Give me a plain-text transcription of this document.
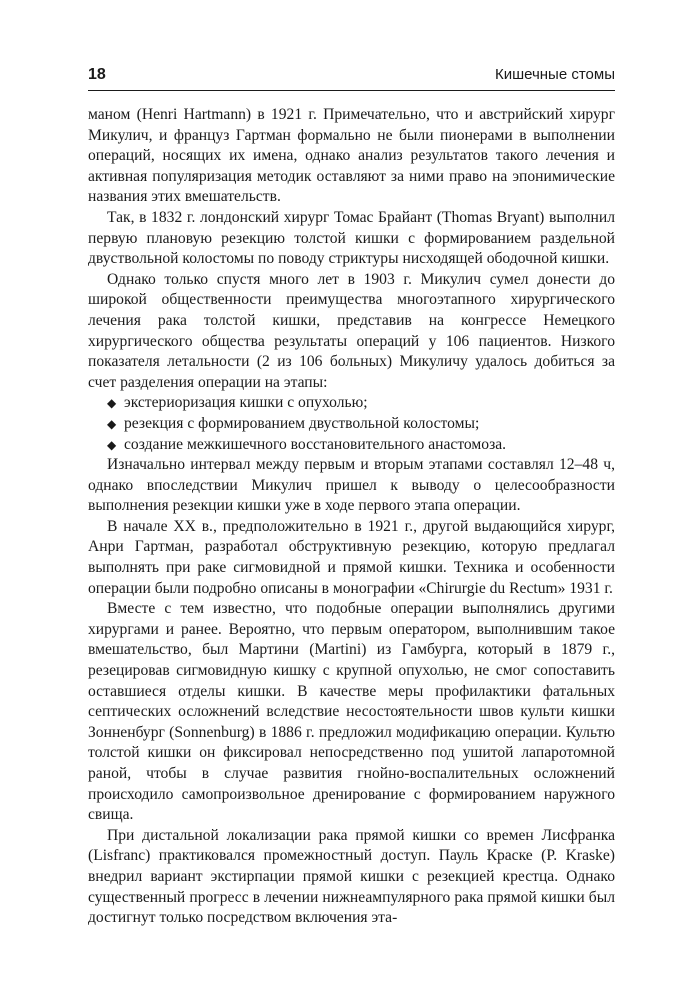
18	Кишечные стомы

маном (Henri Hartmann) в 1921 г. Примечательно, что и австрийский хирург Микулич, и француз Гартман формально не были пионерами в выполнении операций, носящих их имена, однако анализ результатов такого лечения и активная популяризация методик оставляют за ними право на эпонимические названия этих вмешательств.

Так, в 1832 г. лондонский хирург Томас Брайант (Thomas Bryant) выполнил первую плановую резекцию толстой кишки с формированием раздельной двуствольной колостомы по поводу стриктуры нисходящей ободочной кишки.

Однако только спустя много лет в 1903 г. Микулич сумел донести до широкой общественности преимущества многоэтапного хирургического лечения рака толстой кишки, представив на конгрессе Немецкого хирургического общества результаты операций у 106 пациентов. Низкого показателя летальности (2 из 106 больных) Микуличу удалось добиться за счет разделения операции на этапы:

◆ экстериоризация кишки с опухолью;
◆ резекция с формированием двуствольной колостомы;
◆ создание межкишечного восстановительного анастомоза.

Изначально интервал между первым и вторым этапами составлял 12–48 ч, однако впоследствии Микулич пришел к выводу о целесообразности выполнения резекции кишки уже в ходе первого этапа операции.

В начале XX в., предположительно в 1921 г., другой выдающийся хирург, Анри Гартман, разработал обструктивную резекцию, которую предлагал выполнять при раке сигмовидной и прямой кишки. Техника и особенности операции были подробно описаны в монографии «Chirurgie du Rectum» 1931 г.

Вместе с тем известно, что подобные операции выполнялись другими хирургами и ранее. Вероятно, что первым оператором, выполнившим такое вмешательство, был Мартини (Martini) из Гамбурга, который в 1879 г., резецировав сигмовидную кишку с крупной опухолью, не смог сопоставить оставшиеся отделы кишки. В качестве меры профилактики фатальных септических осложнений вследствие несостоятельности швов культи кишки Зонненбург (Sonnenburg) в 1886 г. предложил модификацию операции. Культю толстой кишки он фиксировал непосредственно под ушитой лапаротомной раной, чтобы в случае развития гнойно-воспалительных осложнений происходило самопроизвольное дренирование с формированием наружного свища.

При дистальной локализации рака прямой кишки со времен Лисфранка (Lisfranc) практиковался промежностный доступ. Пауль Краске (P. Kraske) внедрил вариант экстирпации прямой кишки с резекцией крестца. Однако существенный прогресс в лечении нижнеампулярного рака прямой кишки был достигнут только посредством включения эта-
